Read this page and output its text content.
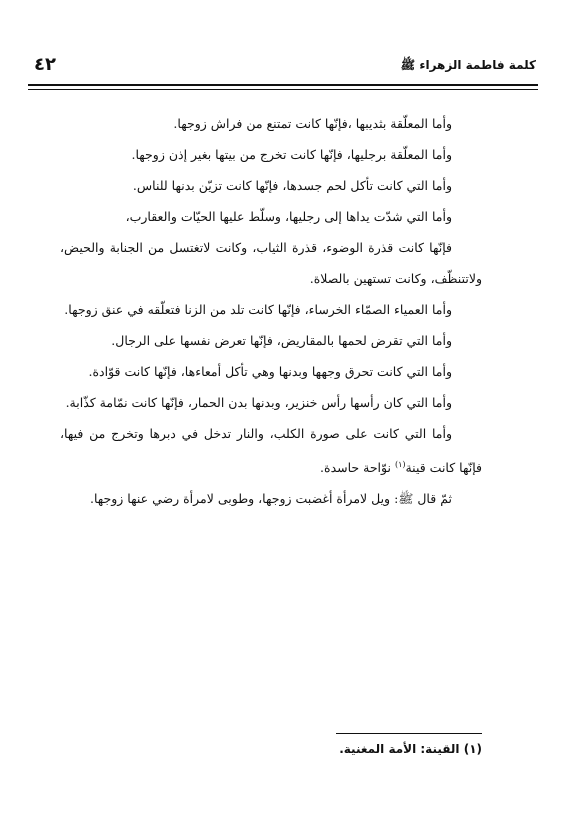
٤٢	كلمة فاطمة الزهراء ﷺ

وأما المعلّقة بثديبها ،فإنّها كانت تمتنع من فراش زوجها.

وأما المعلّقة برجليها، فإنّها كانت تخرج من بيتها بغير إذن زوجها.

وأما التي كانت تأكل لحم جسدها، فإنّها كانت تزيّن بدنها للناس.

وأما التي شدّت يداها إلى رجليها، وسلّط عليها الحيّات والعقارب،

فإنّها كانت قذرة الوضوء، قذرة الثياب، وكانت لاتغتسل من الجنابة والحيض، ولاتتنظّف، وكانت تستهين بالصلاة.

وأما العمياء الصمّاء الخرساء، فإنّها كانت تلد من الزنا فتعلّقه في عنق زوجها.

وأما التي تقرض لحمها بالمقاريض، فإنّها تعرض نفسها على الرجال.

وأما التي كانت تحرق وجهها وبدنها وهي تأكل أمعاءها، فإنّها كانت قوّادة.

وأما التي كان رأسها رأس خنزير، وبدنها بدن الحمار، فإنّها كانت نمّامة كذّابة.

وأما التي كانت على صورة الكلب، والنار تدخل في دبرها وتخرج من فيها، فإنّها كانت قينة$^{(١)}$ نوّاحة حاسدة.

ثمّ قال ﷺ: ويل لامرأة أغضبت زوجها، وطوبى لامرأة رضي عنها زوجها.

(١) القينة: الأمة المغنية.
